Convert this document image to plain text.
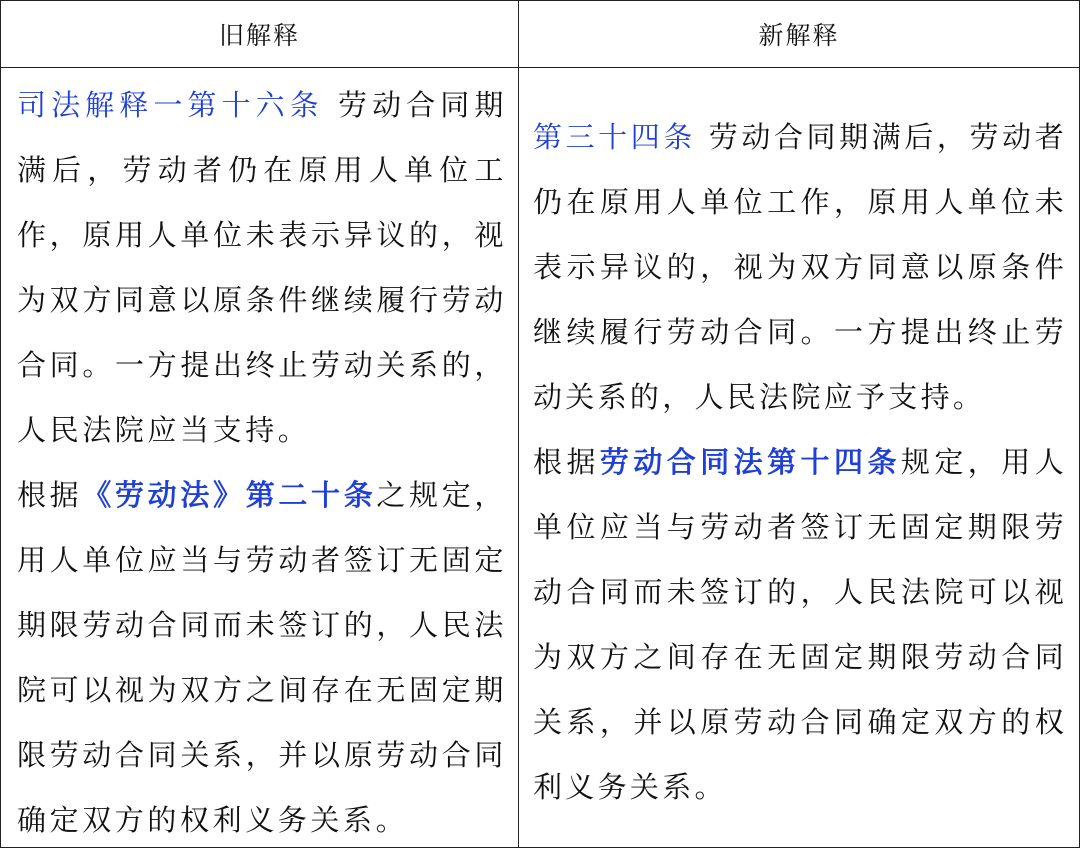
旧解释	新解释

司法解释一第十六条 劳动合同期满后，劳动者仍在原用人单位工作，原用人单位未表示异议的，视为双方同意以原条件继续履行劳动合同。一方提出终止劳动关系的，人民法院应当支持。

根据《劳动法》第二十条之规定，用人单位应当与劳动者签订无固定期限劳动合同而未签订的，人民法院可以视为双方之间存在无固定期限劳动合同关系，并以原劳动合同确定双方的权利义务关系。

第三十四条 劳动合同期满后，劳动者仍在原用人单位工作，原用人单位未表示异议的，视为双方同意以原条件继续履行劳动合同。一方提出终止劳动关系的，人民法院应予支持。

根据劳动合同法第十四条规定，用人单位应当与劳动者签订无固定期限劳动合同而未签订的，人民法院可以视为双方之间存在无固定期限劳动合同关系，并以原劳动合同确定双方的权利义务关系。
